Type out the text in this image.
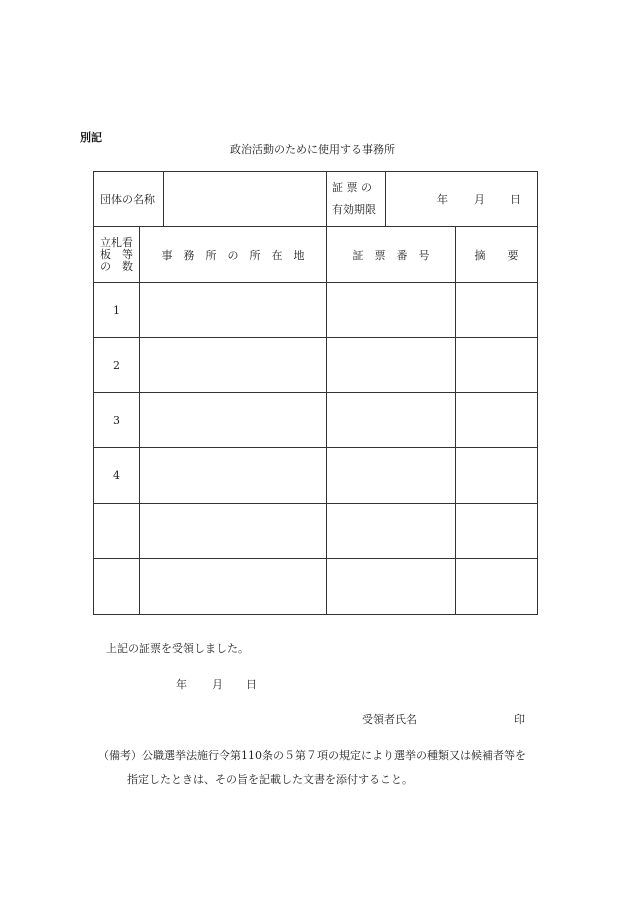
別記
政治活動のために使用する事務所
団体の名称			証 票 の
有効期限	年 月 日	

立札看
板　等
の　数	事　務　所　の　所　在　地		証　票　番　号		摘　　要
1					
2					
3					
4					

上記の証票を受領しました。
年 月 日
受領者氏名	印
（備考）公職選挙法施行令第110条の５第７項の規定により選挙の種類又は候補者等を
指定したときは、その旨を記載した文書を添付すること。
